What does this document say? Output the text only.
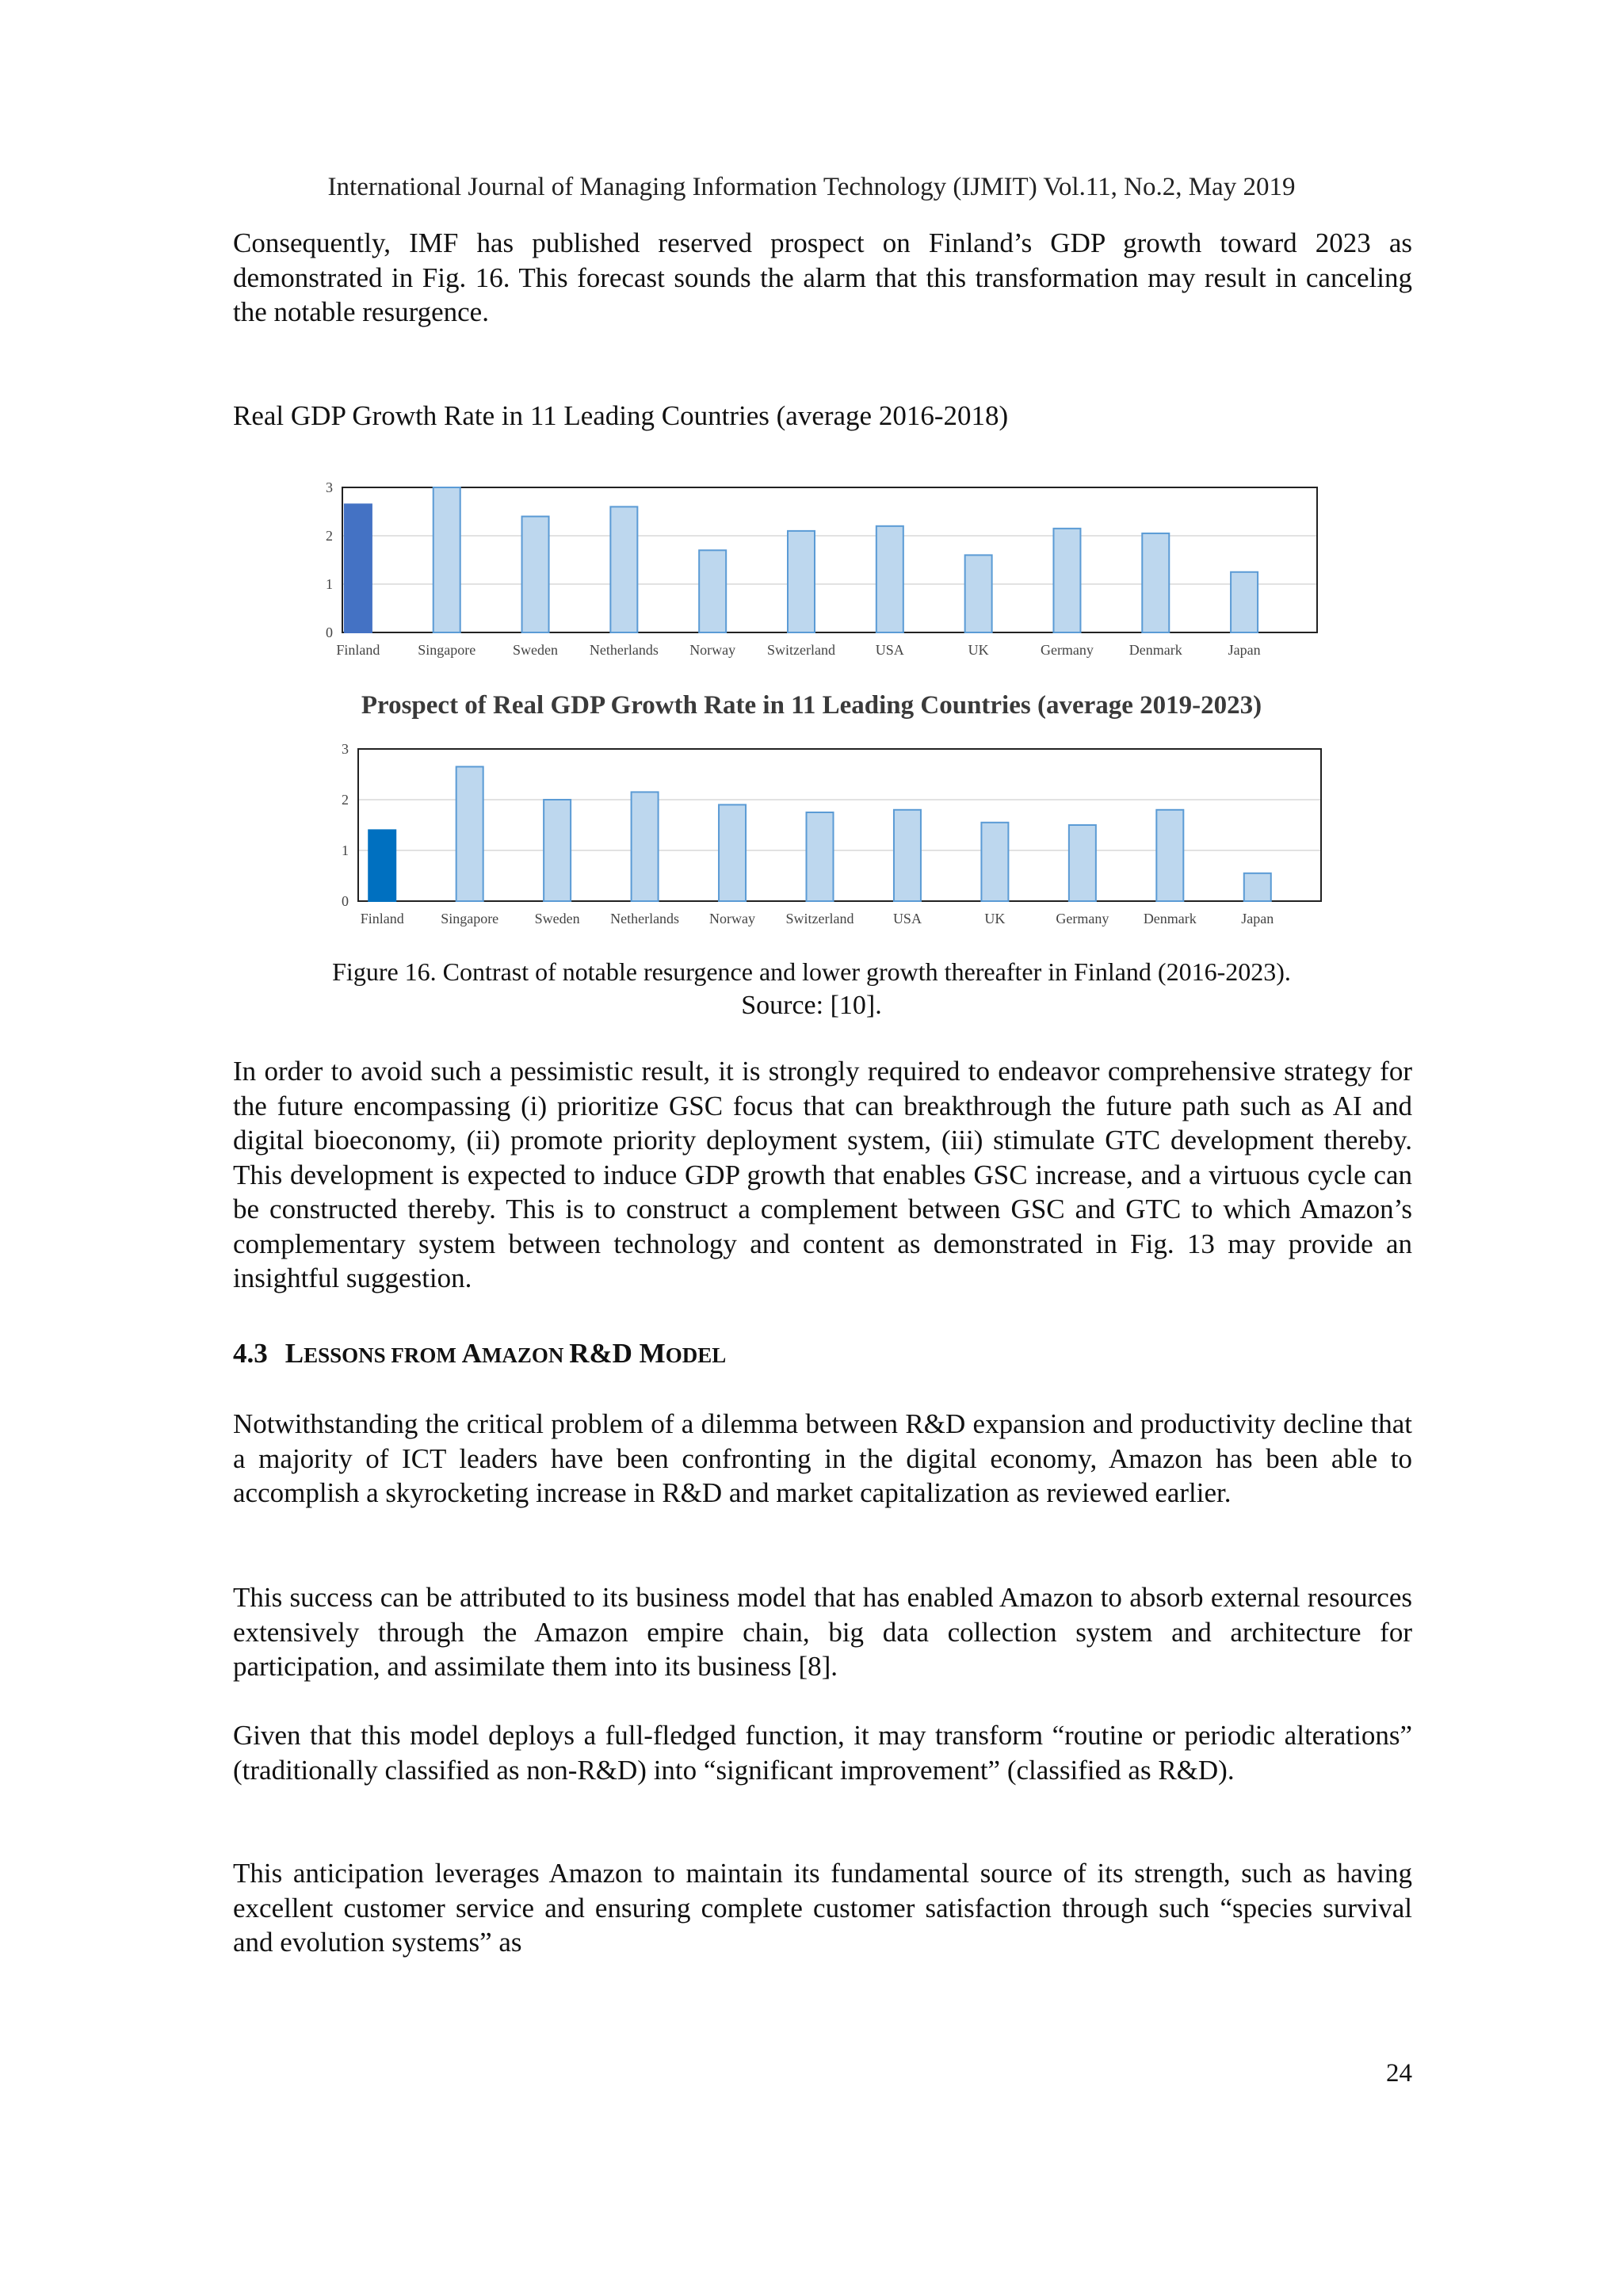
International Journal of Managing Information Technology (IJMIT) Vol.11, No.2, May 2019

Consequently, IMF has published reserved prospect on Finland’s GDP growth toward 2023 as demonstrated in Fig. 16. This forecast sounds the alarm that this transformation may result in canceling the notable resurgence.

Real GDP Growth Rate in 11 Leading Countries (average 2016-2018)
0
1
2
3
Finland	Singapore	Sweden Netherlands Norway Switzerland	USA	UK	Germany Denmark	Japan
Prospect of Real GDP Growth Rate in 11 Leading Countries (average 2019-2023)
0
1
2
3
Finland	Singapore	Sweden Netherlands Norway Switzerland	USA	UK	Germany Denmark	Japan
Figure 16. Contrast of notable resurgence and lower growth thereafter in Finland (2016-2023).
Source: [10].

In order to avoid such a pessimistic result, it is strongly required to endeavor comprehensive strategy for the future encompassing (i) prioritize GSC focus that can breakthrough the future path such as AI and digital bioeconomy, (ii) promote priority deployment system, (iii) stimulate GTC development thereby. This development is expected to induce GDP growth that enables GSC increase, and a virtuous cycle can be constructed thereby. This is to construct a complement between GSC and GTC to which Amazon’s complementary system between technology and content as demonstrated in Fig. 13 may provide an insightful suggestion.

4.3 LESSONS FROM AMAZON R&D MODEL

Notwithstanding the critical problem of a dilemma between R&D expansion and productivity decline that a majority of ICT leaders have been confronting in the digital economy, Amazon has been able to accomplish a skyrocketing increase in R&D and market capitalization as reviewed earlier.

This success can be attributed to its business model that has enabled Amazon to absorb external resources extensively through the Amazon empire chain, big data collection system and architecture for participation, and assimilate them into its business [8].

Given that this model deploys a full-fledged function, it may transform “routine or periodic alterations” (traditionally classified as non-R&D) into “significant improvement” (classified as R&D).

This anticipation leverages Amazon to maintain its fundamental source of its strength, such as having excellent customer service and ensuring complete customer satisfaction through such “species survival and evolution systems” as

24
